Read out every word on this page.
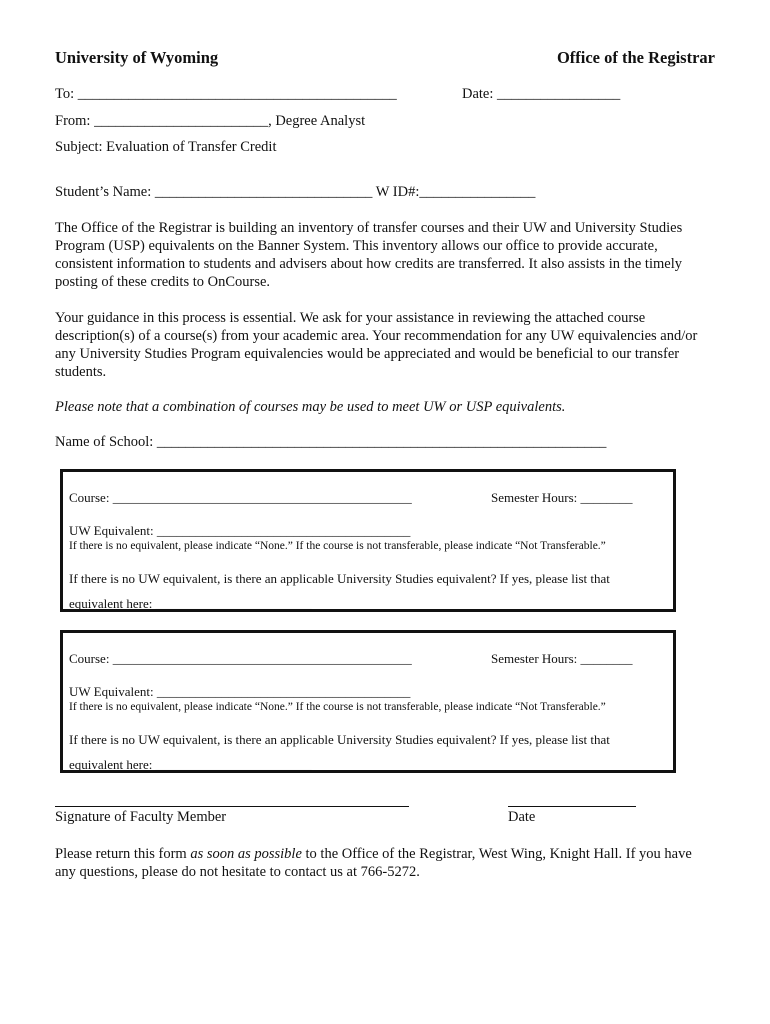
University of Wyoming	Office of the Registrar
To: ____________________________________________	Date: _________________
From: ________________________, Degree Analyst
Subject: Evaluation of Transfer Credit
Student’s Name: ______________________________ W ID#:________________
The Office of the Registrar is building an inventory of transfer courses and their UW and University Studies Program (USP) equivalents on the Banner System. This inventory allows our office to provide accurate, consistent information to students and advisers about how credits are transferred. It also assists in the timely posting of these credits to OnCourse.
Your guidance in this process is essential. We ask for your assistance in reviewing the attached course description(s) of a course(s) from your academic area. Your recommendation for any UW equivalencies and/or any University Studies Program equivalencies would be appreciated and would be beneficial to our transfer students.
Please note that a combination of courses may be used to meet UW or USP equivalents.
Name of School: ______________________________________________________________
Course: ______________________________________________	Semester Hours: ________
UW Equivalent: _______________________________________
If there is no equivalent, please indicate “None.” If the course is not transferable, please indicate “Not Transferable.”
If there is no UW equivalent, is there an applicable University Studies equivalent? If yes, please list that
equivalent here: ________________________
Course: ______________________________________________	Semester Hours: ________
UW Equivalent: _______________________________________
If there is no equivalent, please indicate “None.” If the course is not transferable, please indicate “Not Transferable.”
If there is no UW equivalent, is there an applicable University Studies equivalent? If yes, please list that
equivalent here: ________________________
Signature of Faculty Member	Date
Please return this form as soon as possible to the Office of the Registrar, West Wing, Knight Hall. If you have any questions, please do not hesitate to contact us at 766-5272.
